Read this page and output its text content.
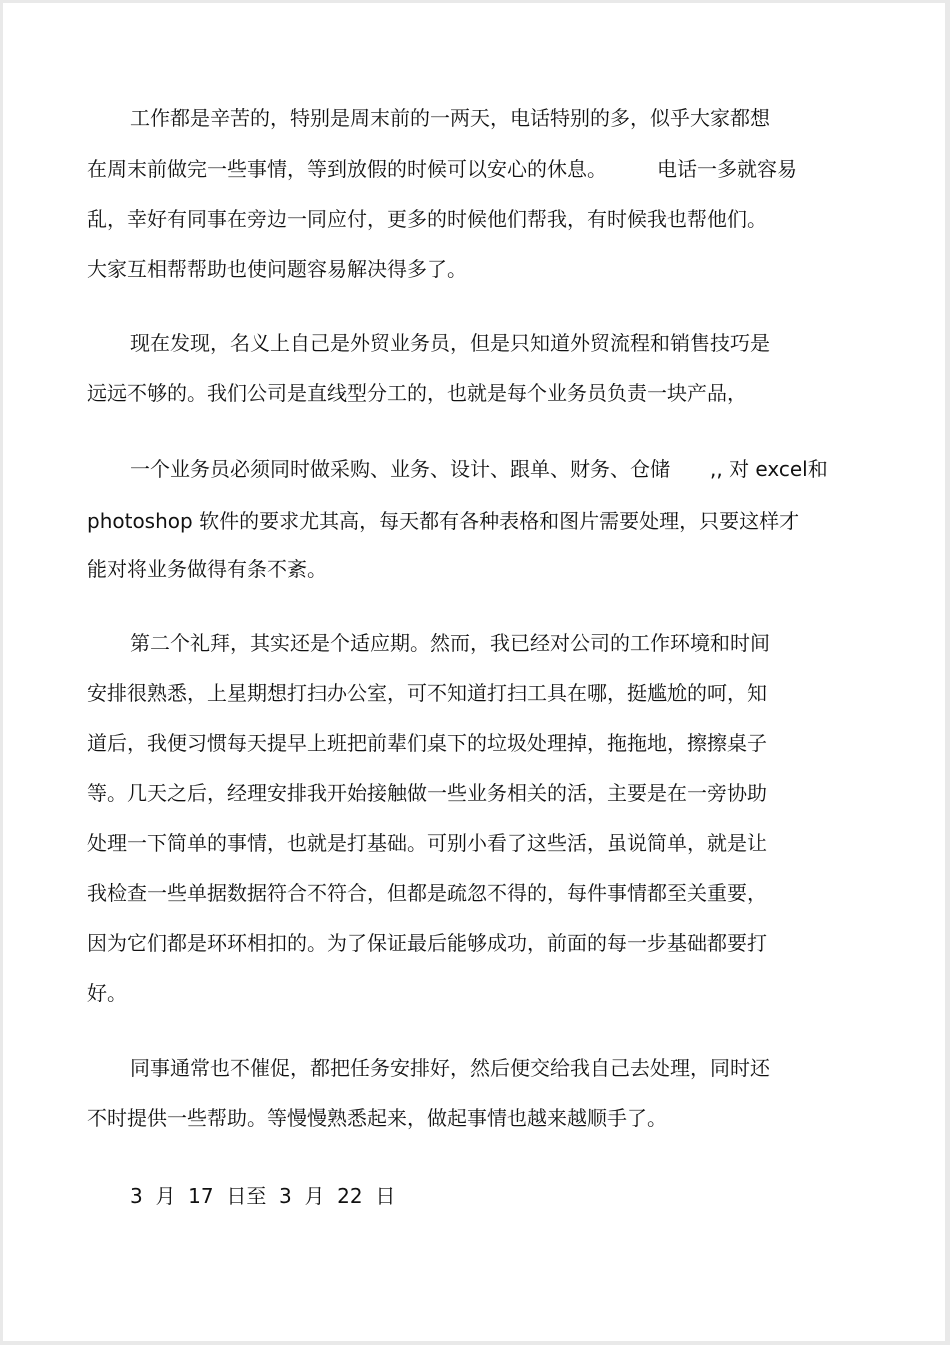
工作都是辛苦的，特别是周末前的一两天，电话特别的多，似乎大家都想

在周末前做完一些事情，等到放假的时候可以安心的休息。　　　电话一多就容易

乱，幸好有同事在旁边一同应付，更多的时候他们帮我，有时候我也帮他们。

大家互相帮帮助也使问题容易解决得多了。

现在发现，名义上自己是外贸业务员，但是只知道外贸流程和销售技巧是

远远不够的。我们公司是直线型分工的，也就是每个业务员负责一块产品，

一个业务员必须同时做采购、业务、设计、跟单、财务、仓储　　,, 对 excel和

photoshop 软件的要求尤其高，每天都有各种表格和图片需要处理，只要这样才

能对将业务做得有条不紊。

第二个礼拜，其实还是个适应期。然而，我已经对公司的工作环境和时间

安排很熟悉，上星期想打扫办公室，可不知道打扫工具在哪，挺尴尬的呵，知

道后，我便习惯每天提早上班把前辈们桌下的垃圾处理掉，拖拖地，擦擦桌子

等。几天之后，经理安排我开始接触做一些业务相关的活，主要是在一旁协助

处理一下简单的事情，也就是打基础。可别小看了这些活，虽说简单，就是让

我检查一些单据数据符合不符合，但都是疏忽不得的，每件事情都至关重要，

因为它们都是环环相扣的。为了保证最后能够成功，前面的每一步基础都要打

好。

同事通常也不催促，都把任务安排好，然后便交给我自己去处理，同时还

不时提供一些帮助。等慢慢熟悉起来，做起事情也越来越顺手了。

3  月  17  日至  3  月  22  日
